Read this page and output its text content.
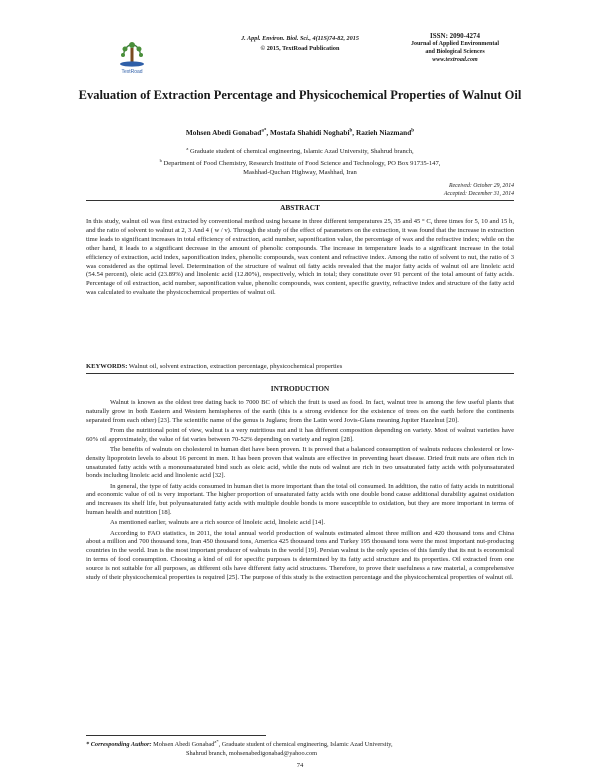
TextRoad
J. Appl. Environ. Biol. Sci., 4(11S)74-82, 2015
© 2015, TextRoad Publication
ISSN: 2090-4274
Journal of Applied Environmental
and Biological Sciences
www.textroad.com
Evaluation of Extraction Percentage and Physicochemical Properties of Walnut Oil
Mohsen Abedi Gonabad$^{a*}$, Mostafa Shahidi Noghabi$^b$, Razieh Niazmand$^b$
$^a$ Graduate student of chemical engineering, Islamic Azad University, Shahrud branch,
$^b$ Department of Food Chemistry, Research Institute of Food Science and Technology, PO Box 91735-147,
Mashhad-Quchan Highway, Mashhad, Iran
Received: October 29, 2014
Accepted: December 31, 2014
ABSTRACT
In this study, walnut oil was first extracted by conventional method using hexane in three different temperatures 25, 35 and 45 ° C, three times for 5, 10 and 15 h, and the ratio of solvent to walnut at 2, 3 And 4 ( w / v). Through the study of the effect of parameters on the extraction, it was found that the increase in extraction time leads to significant increases in total efficiency of extraction, acid number, saponification value, the percentage of wax and the refractive index; while on the other hand, it leads to a significant decrease in the amount of phenolic compounds. The increase in temperature leads to a significant increase in the total efficiency of extraction, acid index, saponification index, phenolic compounds, wax content and refractive index. Among the ratio of solvent to nut, the ratio of 3 was considered as the optimal level. Determination of the structure of walnut oil fatty acids revealed that the major fatty acids of walnut oil are linoleic acid (54.54 percent), oleic acid (23.89%) and linolenic acid (12.80%), respectively, which in total; they constitute over 91 percent of the total amount of fatty acids. Percentage of oil extraction, acid number, saponification value, phenolic compounds, wax content, specific gravity, refractive index and structure of the fatty acid was calculated to evaluate the physicochemical properties of walnut oil.
KEYWORDS: Walnut oil, solvent extraction, extraction percentage, physicochemical properties
INTRODUCTION

Walnut is known as the oldest tree dating back to 7000 BC of which the fruit is used as food. In fact, walnut tree is among the few useful plants that naturally grow in both Eastern and Western hemispheres of the earth (this is a strong evidence for the existence of trees on the earth before the continents separated from each other) [23]. The scientific name of the genus is Juglans; from the Latin word Jovis-Glans meaning Jupiter Hazelnut [20].

From the nutritional point of view, walnut is a very nutritious nut and it has different composition depending on variety. Most of walnut varieties have 60% oil approximately, the value of fat varies between 70-52% depending on variety and region [28].

The benefits of walnuts on cholesterol in human diet have been proven. It is proved that a balanced consumption of walnuts reduces cholesterol or low-density lipoprotein levels to about 16 percent in men. It has been proven that walnuts are effective in preventing heart disease. Dried fruit nuts are often rich in unsaturated fatty acids with a monounsaturated bind such as oleic acid, while the nuts od walnut are rich in two unsaturated fatty acids with polyunsaturated bonds including linoleic acid and linolenic acid [32].

In general, the type of fatty acids consumed in human diet is more important than the total oil consumed. In addition, the ratio of fatty acids in nutritional and economic value of oil is very important. The higher proportion of unsaturated fatty acids with one double bond cause additional durability against oxidation and increases its shelf life, but polyunsaturated fatty acids with multiple double bonds is more susceptible to oxidation, but they are more important in terms of human health and nutrition [18].

As mentioned earlier, walnuts are a rich source of linoleic acid, linoleic acid [14].

According to FAO statistics, in 2011, the total annual world production of walnuts estimated almost three million and 420 thousand tons and China about a million and 700 thousand tons, Iran 450 thousand tons, America 425 thousand tons and Turkey 195 thousand tons were the most important nut-producing countries in the world. Iran is the most important producer of walnuts in the world [19]. Persian walnut is the only species of this family that its nut is economical in terms of food consumption. Choosing a kind of oil for specific purposes is determined by its fatty acid structure and its properties. Oil extracted from one source is not suitable for all purposes, as different oils have different fatty acid structures. Therefore, to prove their usefulness a raw material, a comprehensive study of their physicochemical properties is required [25]. The purpose of this study is the extraction percentage and the physicochemical properties of walnut oil.

* Corresponding Author: Mohsen Abedi Gonabad$^{a*}$, Graduate student of chemical engineering, Islamic Azad University,
Shahrud branch, mohsenabedigonabad@yahoo.com
74
